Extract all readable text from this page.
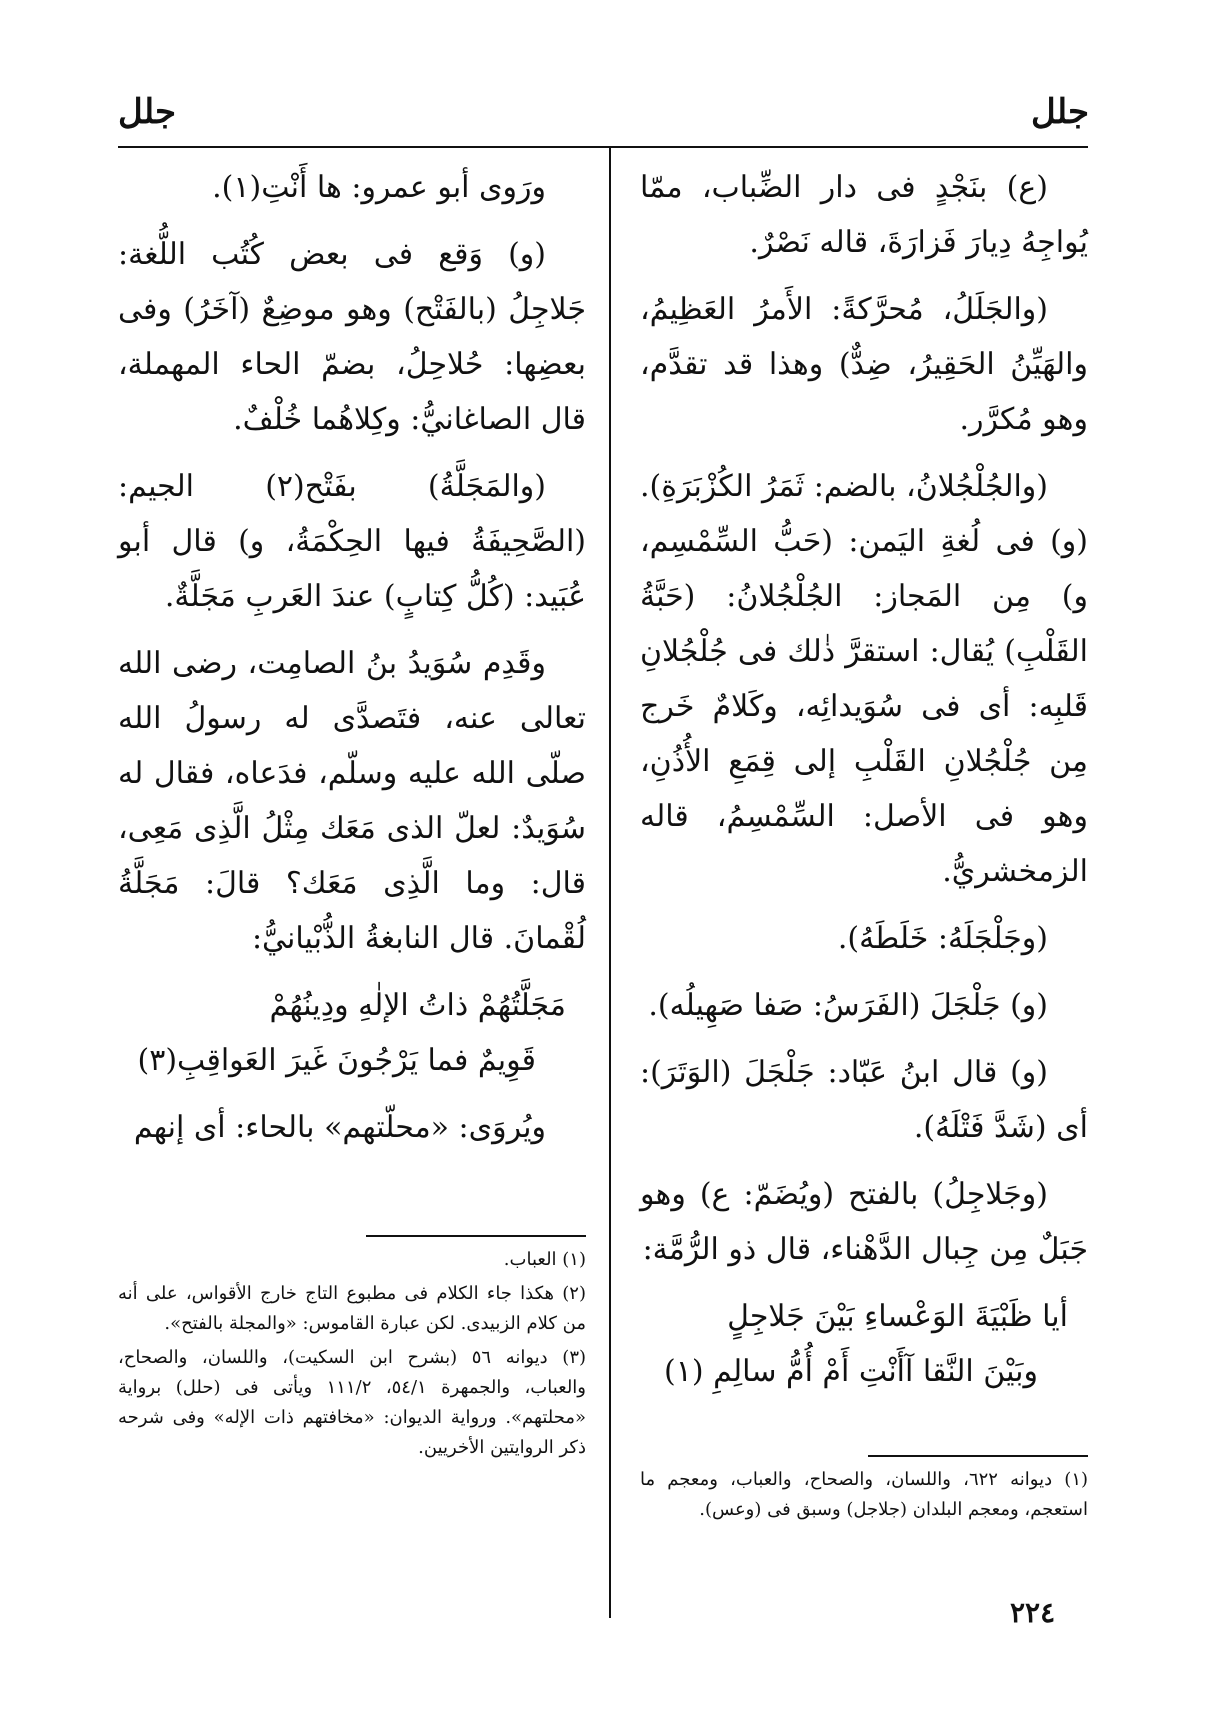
جلل
جلل

(ع) بنَجْدٍ فى دار الضِّباب، ممّا يُواجِهُ دِيارَ فَزارَةَ، قاله نَصْرٌ.

(والجَلَلُ، مُحرَّكةً: الأَمرُ العَظِيمُ، والهَيِّنُ الحَقِيرُ، ضِدٌّ) وهذا قد تقدَّم، وهو مُكرَّر.

(والجُلْجُلانُ، بالضم: ثَمَرُ الكُزْبَرَةِ). (و) فى لُغةِ اليَمن: (حَبُّ السِّمْسِم، و) مِن المَجاز: الجُلْجُلانُ: (حَبَّةُ القَلْبِ) يُقال: استقرَّ ذٰلك فى جُلْجُلانِ قَلبِه: أى فى سُوَيدائِه، وكَلامٌ خَرج مِن جُلْجُلانِ القَلْبِ إلى قِمَعِ الأُذُنِ، وهو فى الأصل: السِّمْسِمُ، قاله الزمخشريُّ.

(وجَلْجَلَهُ: خَلَطَهُ).

(و) جَلْجَلَ (الفَرَسُ: صَفا صَهِيلُه).

(و) قال ابنُ عَبّاد: جَلْجَلَ (الوَتَرَ): أى (شَدَّ فَتْلَهُ).

(وجَلاجِلُ) بالفتح (ويُضَمّ: ع) وهو جَبَلٌ مِن جِبال الدَّهْناء، قال ذو الرُّمَّة:

أيا ظَبْيَةَ الوَعْساءِ بَيْنَ جَلاجِلٍ

وبَيْنَ النَّقا آأَنْتِ أَمْ أُمُّ سالِمِ (١)

ورَوى أبو عمرو: ها أَنْتِ(١).

(و) وَقع فى بعض كُتُب اللُّغة: جَلاجِلُ (بالفَتْح) وهو موضِعٌ (آخَرُ) وفى بعضِها: حُلاحِلُ، بضمّ الحاء المهملة، قال الصاغانيُّ: وكِلاهُما خُلْفٌ.

(والمَجَلَّةُ) بفَتْح(٢) الجيم: (الصَّحِيفَةُ فيها الحِكْمَةُ، و) قال أبو عُبَيد: (كُلُّ كِتابٍ) عندَ العَربِ مَجَلَّةٌ.

وقَدِم سُوَيدُ بنُ الصامِت، رضى الله تعالى عنه، فتَصدَّى له رسولُ الله صلّى الله عليه وسلّم، فدَعاه، فقال له سُوَيدٌ: لعلّ الذى مَعَك مِثْلُ الَّذِى مَعِى، قال: وما الَّذِى مَعَك؟ قالَ: مَجَلَّةُ لُقْمانَ. قال النابغةُ الذُّبْيانيُّ:

مَجَلَّتُهُمْ ذاتُ الإلٰهِ ودِينُهُمْ

قَوِيمٌ فما يَرْجُونَ غَيرَ العَواقِبِ(٣)

ويُروَى: «محلّتهم» بالحاء: أى إنهم

(١) ديوانه ٦٢٢، واللسان، والصحاح، والعباب، ومعجم ما استعجم، ومعجم البلدان (جلاجل) وسبق فى (وعس).

(١) العباب.

(٢) هكذا جاء الكلام فى مطبوع التاج خارج الأقواس، على أنه من كلام الزبيدى. لكن عبارة القاموس: «والمجلة بالفتح».

(٣) ديوانه ٥٦ (بشرح ابن السكيت)، واللسان، والصحاح، والعباب، والجمهرة ٥٤/١، ١١١/٢ ويأتى فى (حلل) برواية «محلتهم». ورواية الديوان: «مخافتهم ذات الإله» وفى شرحه ذكر الروايتين الأخريين.

٢٢٤
